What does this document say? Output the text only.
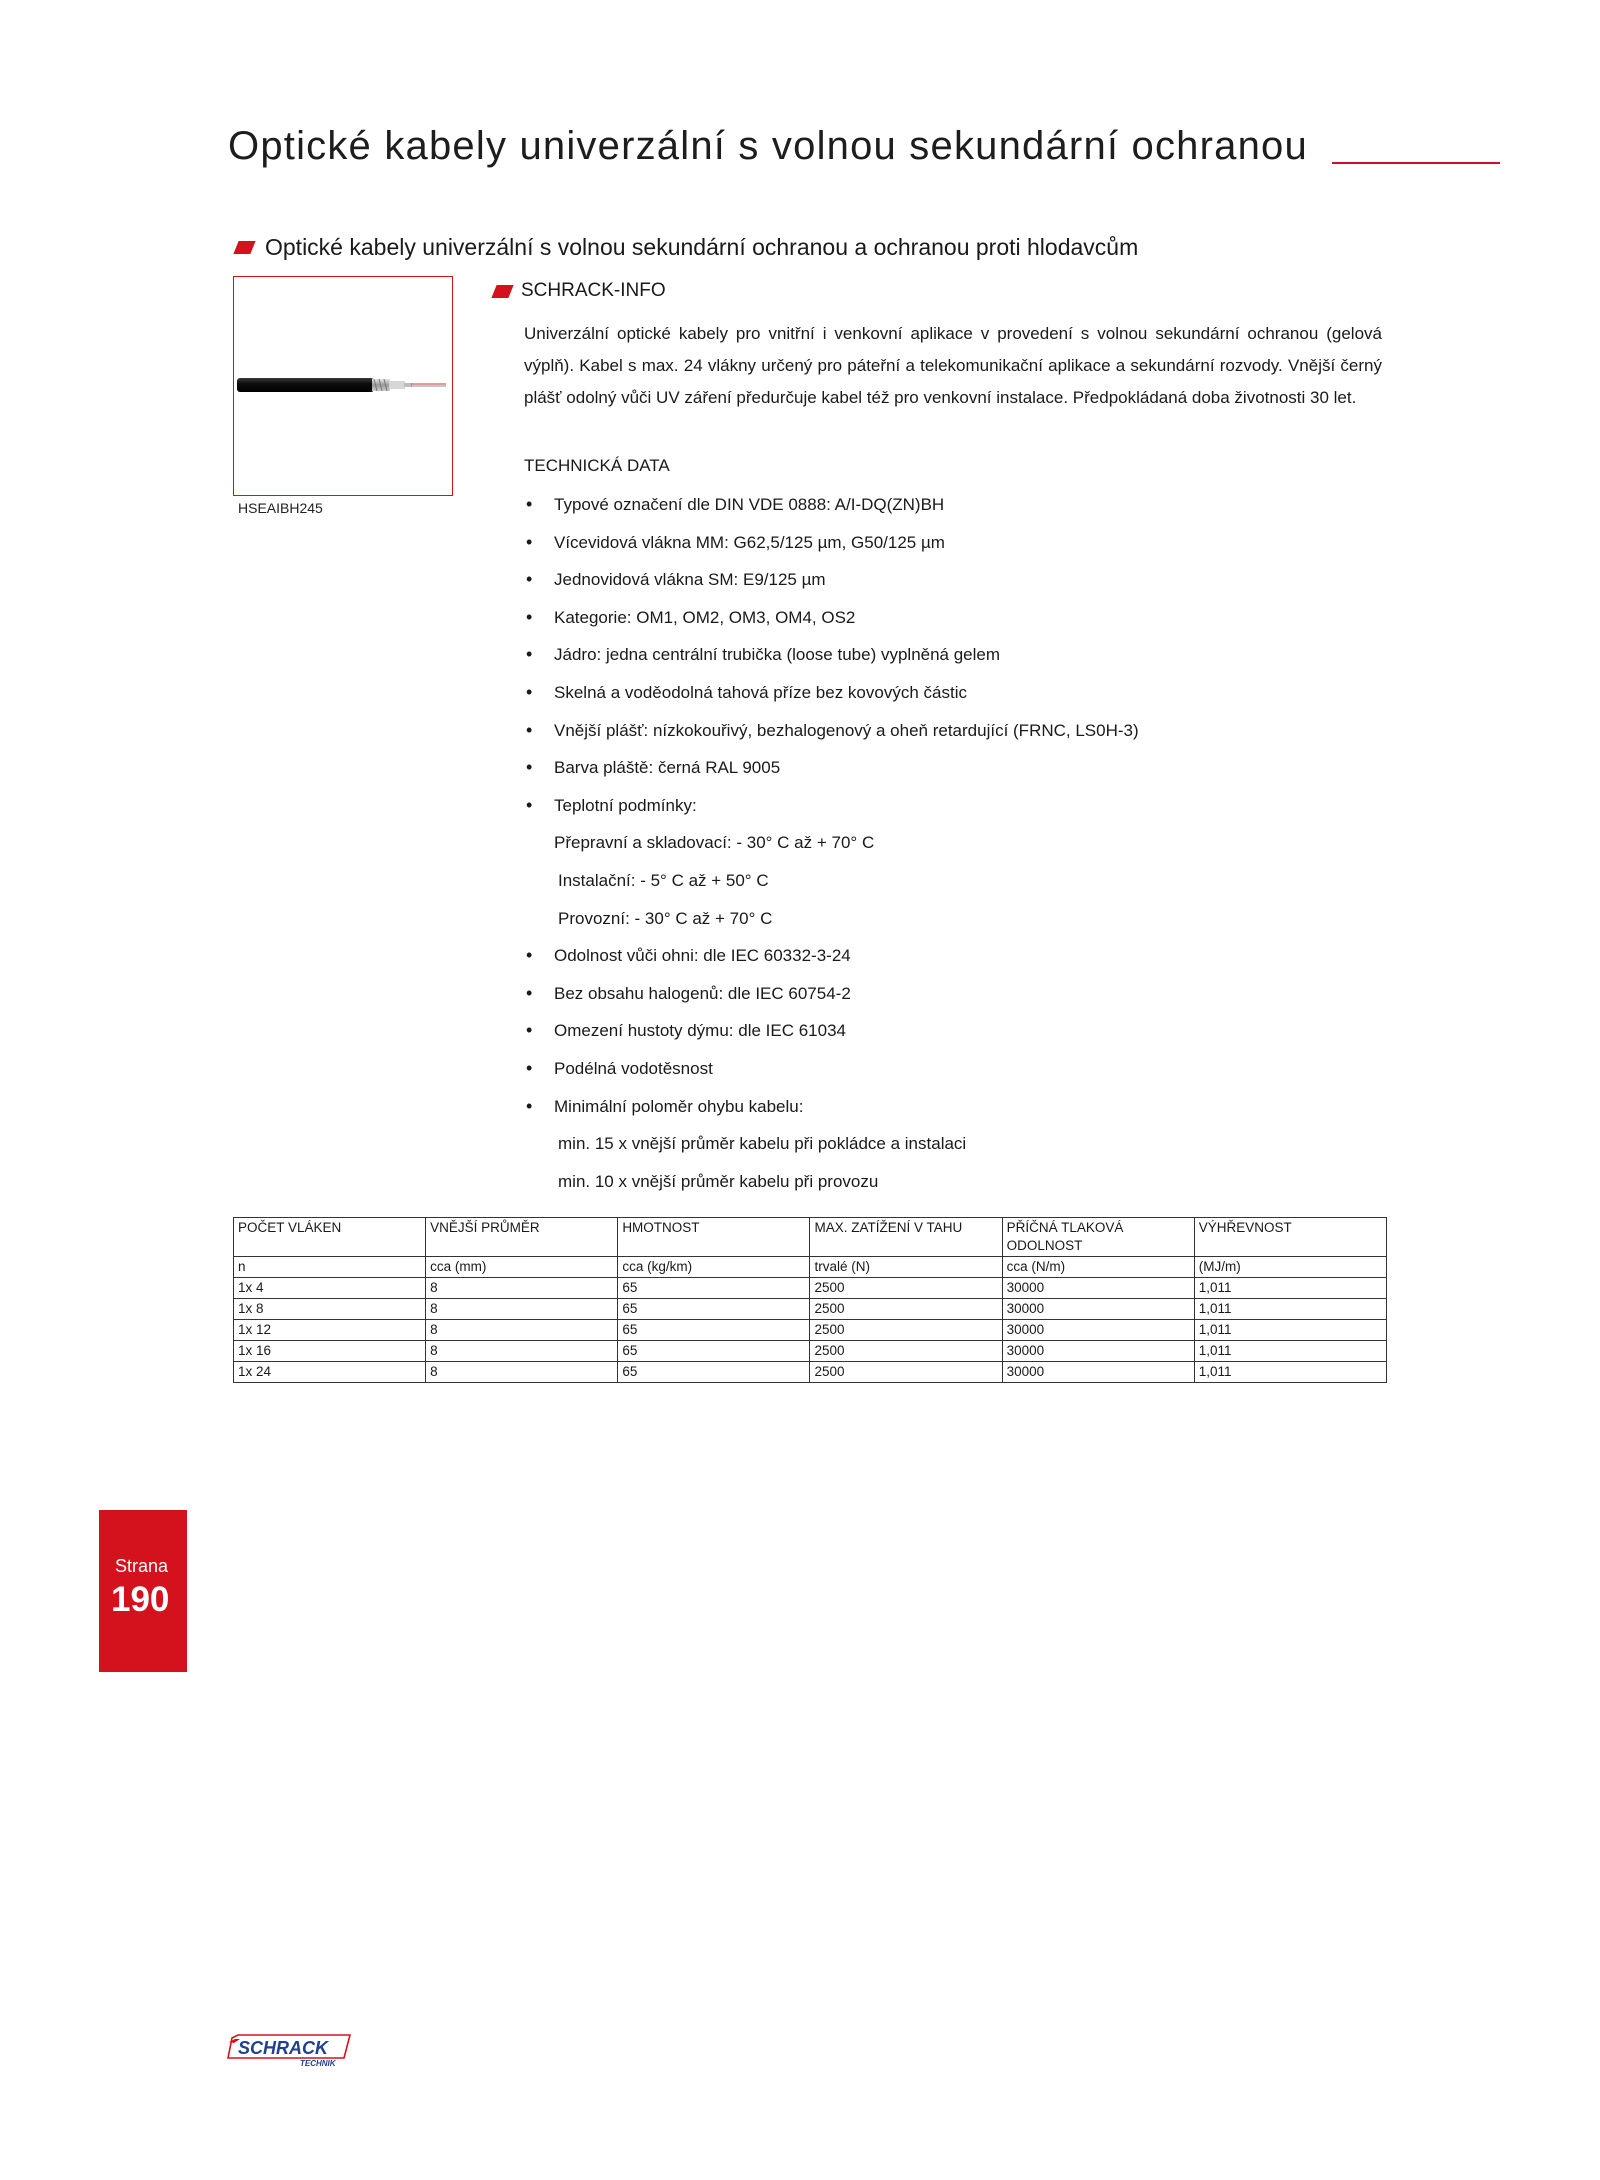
Optické kabely univerzální s volnou sekundární ochranou
Optické kabely univerzální s volnou sekundární ochranou a ochranou proti hlodavcům
HSEAIBH245
SCHRACK-INFO

Univerzální optické kabely pro vnitřní i venkovní aplikace v provedení s volnou sekundární ochranou (gelová výplň). Kabel s max. 24 vlákny určený pro páteřní a telekomunikační aplikace a sekundární rozvody. Vnější černý plášť odolný vůči UV záření předurčuje kabel též pro venkovní instalace. Předpokládaná doba životnosti 30 let.

TECHNICKÁ DATA
• Typové označení dle DIN VDE 0888: A/I-DQ(ZN)BH
• Vícevidová vlákna MM: G62,5/125 µm, G50/125 µm
• Jednovidová vlákna SM: E9/125 µm
• Kategorie: OM1, OM2, OM3, OM4, OS2
• Jádro: jedna centrální trubička (loose tube) vyplněná gelem
• Skelná a voděodolná tahová příze bez kovových částic
• Vnější plášť: nízkokouřivý, bezhalogenový a oheň retardující (FRNC, LS0H-3)
• Barva pláště: černá RAL 9005
• Teplotní podmínky:
Přepravní a skladovací: - 30° C až + 70° C
Instalační: - 5° C až + 50° C
Provozní: - 30° C až + 70° C
• Odolnost vůči ohni: dle IEC 60332-3-24
• Bez obsahu halogenů: dle IEC 60754-2
• Omezení hustoty dýmu: dle IEC 61034
• Podélná vodotěsnost
• Minimální poloměr ohybu kabelu:
min. 15 x vnější průměr kabelu při pokládce a instalaci
min. 10 x vnější průměr kabelu při provozu
POČET VLÁKEN	VNĚJŠÍ PRŮMĚR	HMOTNOST	MAX. ZATÍŽENÍ V TAHU	PŘÍČNÁ TLAKOVÁ ODOLNOST	VÝHŘEVNOST
n	cca (mm)	cca (kg/km)	trvalé (N)	cca (N/m)	(MJ/m)
1x 4	8	65	2500	30000	1,011
1x 8	8	65	2500	30000	1,011
1x 12	8	65	2500	30000	1,011
1x 16	8	65	2500	30000	1,011
1x 24	8	65	2500	30000	1,011
Strana
190
SCHRACK
TECHNIK
